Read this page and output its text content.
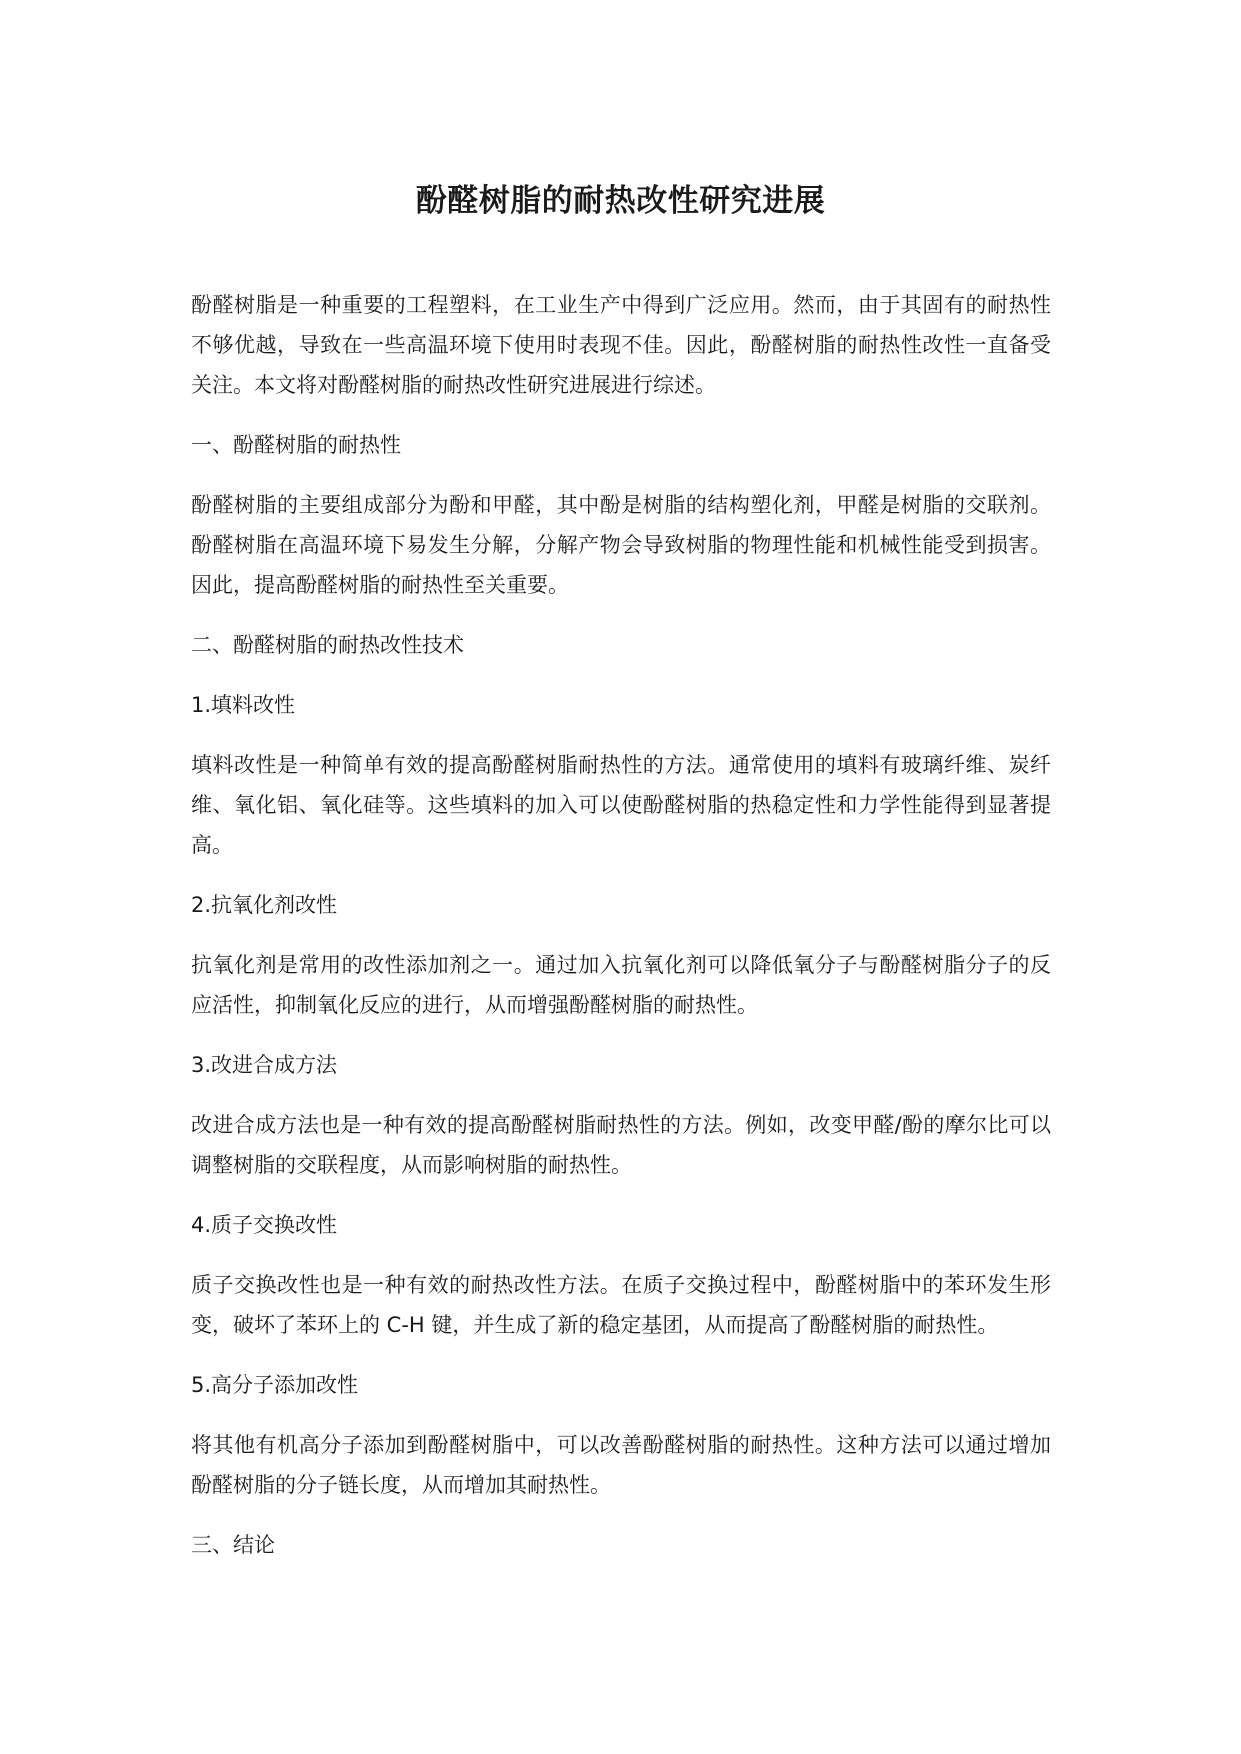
酚醛树脂的耐热改性研究进展

酚醛树脂是一种重要的工程塑料，在工业生产中得到广泛应用。然而，由于其固有的耐热性不够优越，导致在一些高温环境下使用时表现不佳。因此，酚醛树脂的耐热性改性一直备受关注。本文将对酚醛树脂的耐热改性研究进展进行综述。

一、酚醛树脂的耐热性

酚醛树脂的主要组成部分为酚和甲醛，其中酚是树脂的结构塑化剂，甲醛是树脂的交联剂。酚醛树脂在高温环境下易发生分解，分解产物会导致树脂的物理性能和机械性能受到损害。因此，提高酚醛树脂的耐热性至关重要。

二、酚醛树脂的耐热改性技术

1.填料改性

填料改性是一种简单有效的提高酚醛树脂耐热性的方法。通常使用的填料有玻璃纤维、炭纤维、氧化铝、氧化硅等。这些填料的加入可以使酚醛树脂的热稳定性和力学性能得到显著提高。

2.抗氧化剂改性

抗氧化剂是常用的改性添加剂之一。通过加入抗氧化剂可以降低氧分子与酚醛树脂分子的反应活性，抑制氧化反应的进行，从而增强酚醛树脂的耐热性。

3.改进合成方法

改进合成方法也是一种有效的提高酚醛树脂耐热性的方法。例如，改变甲醛/酚的摩尔比可以调整树脂的交联程度，从而影响树脂的耐热性。

4.质子交换改性

质子交换改性也是一种有效的耐热改性方法。在质子交换过程中，酚醛树脂中的苯环发生形变，破坏了苯环上的 C-H 键，并生成了新的稳定基团，从而提高了酚醛树脂的耐热性。

5.高分子添加改性

将其他有机高分子添加到酚醛树脂中，可以改善酚醛树脂的耐热性。这种方法可以通过增加酚醛树脂的分子链长度，从而增加其耐热性。

三、结论
